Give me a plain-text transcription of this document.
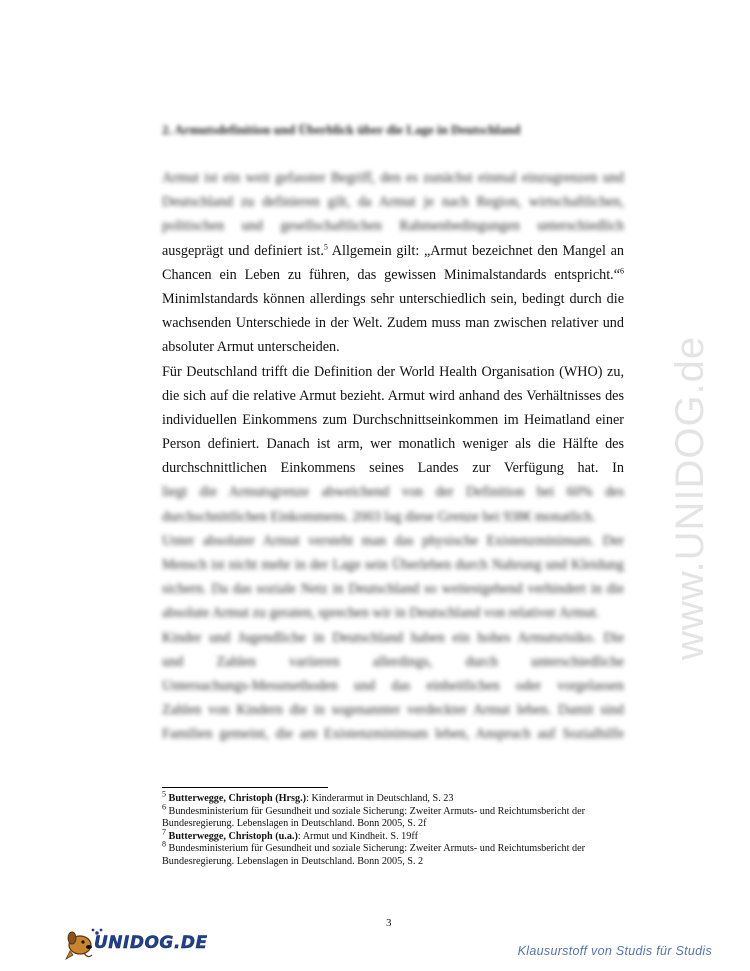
2. Armutsdefinition und Überblick über die Lage in Deutschland
Armut ist ein weit gefasster Begriff, den es zunächst einmal einzugrenzen und
Deutschland zu definieren gilt, da Armut je nach Region, wirtschaftlichen,
politischen und gesellschaftlichen Rahmenbedingungen unterschiedlich
ausgeprägt und definiert ist.$^5$ Allgemein gilt: „Armut bezeichnet den Mangel an
Chancen ein Leben zu führen, das gewissen Minimalstandards entspricht.“$^6$
Minimlstandards können allerdings sehr unterschiedlich sein, bedingt durch die
wachsenden Unterschiede in der Welt. Zudem muss man zwischen relativer und
absoluter Armut unterscheiden.
Für Deutschland trifft die Definition der World Health Organisation (WHO) zu,
die sich auf die relative Armut bezieht. Armut wird anhand des Verhältnisses des
individuellen Einkommens zum Durchschnittseinkommen im Heimatland einer
Person definiert. Danach ist arm, wer monatlich weniger als die Hälfte des
durchschnittlichen Einkommens seines Landes zur Verfügung hat. In
liegt die Armutsgrenze abweichend von der Definition bei 60% des
durchschnittlichen Einkommens. 2003 lag diese Grenze bei 938€ monatlich.
Unter absoluter Armut versteht man das physische Existenzminimum. Der
Mensch ist nicht mehr in der Lage sein Überleben durch Nahrung und Kleidung
sichern. Da das soziale Netz in Deutschland so weitestgehend verhindert in die
absolute Armut zu geraten, sprechen wir in Deutschland von relativer Armut.
Kinder und Jugendliche in Deutschland haben ein hohes Armutsrisiko. Die
und Zahlen variieren allerdings, durch unterschiedliche
Untersuchungs-Messmethoden und das einheitlichen oder vorgelassen
Zahlen von Kindern die in sogenannter verdeckter Armut leben. Damit sind
Familien gemeint, die am Existenzminimum leben, Anspruch auf Sozialhilfe
$^5$ Butterwegge, Christoph (Hrsg.): Kinderarmut in Deutschland, S. 23
$^6$ Bundesministerium für Gesundheit und soziale Sicherung: Zweiter Armuts- und Reichtumsbericht der Bundesregierung. Lebenslagen in Deutschland. Bonn 2005, S. 2f
$^7$ Butterwegge, Christoph (u.a.): Armut und Kindheit. S. 19ff
$^8$ Bundesministerium für Gesundheit und soziale Sicherung: Zweiter Armuts- und Reichtumsbericht der Bundesregierung. Lebenslagen in Deutschland. Bonn 2005, S. 2
3
www.UNIDOG.de
UNIDOG.DE	Klausurstoff von Studis für Studis
